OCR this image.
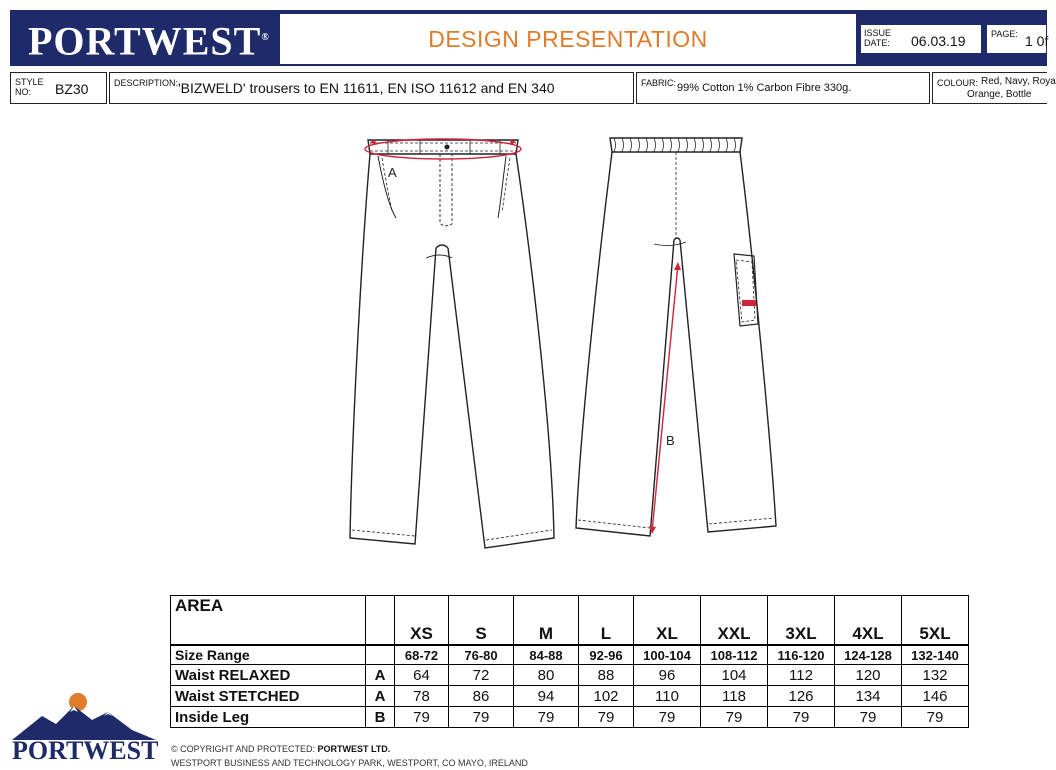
PORTWEST®	DESIGN PRESENTATION	ISSUE
DATE: 06.03.19	PAGE: 1 0f
STYLE
NO:	BZ30	DESCRIPTION: 'BIZWELD' trousers to EN 11611, EN ISO 11612 and EN 340	FABRIC: 99% Cotton 1% Carbon Fibre 330g.	COLOUR: Red, Navy, Roya
Orange, Bottle
A
B
AREA		XS	S	M	L	XL	XXL	3XL	4XL	5XL
Size Range		68-72	76-80	84-88	92-96	100-104	108-112	116-120	124-128	132-140
Waist RELAXED	A	64	72	80	88	96	104	112	120	132
Waist STETCHED	A	78	86	94	102	110	118	126	134	146
Inside Leg	B	79	79	79	79	79	79	79	79	79
PORTWEST © COPYRIGHT AND PROTECTED: PORTWEST LTD.
WESTPORT BUSINESS AND TECHNOLOGY PARK, WESTPORT, CO MAYO, IRELAND
